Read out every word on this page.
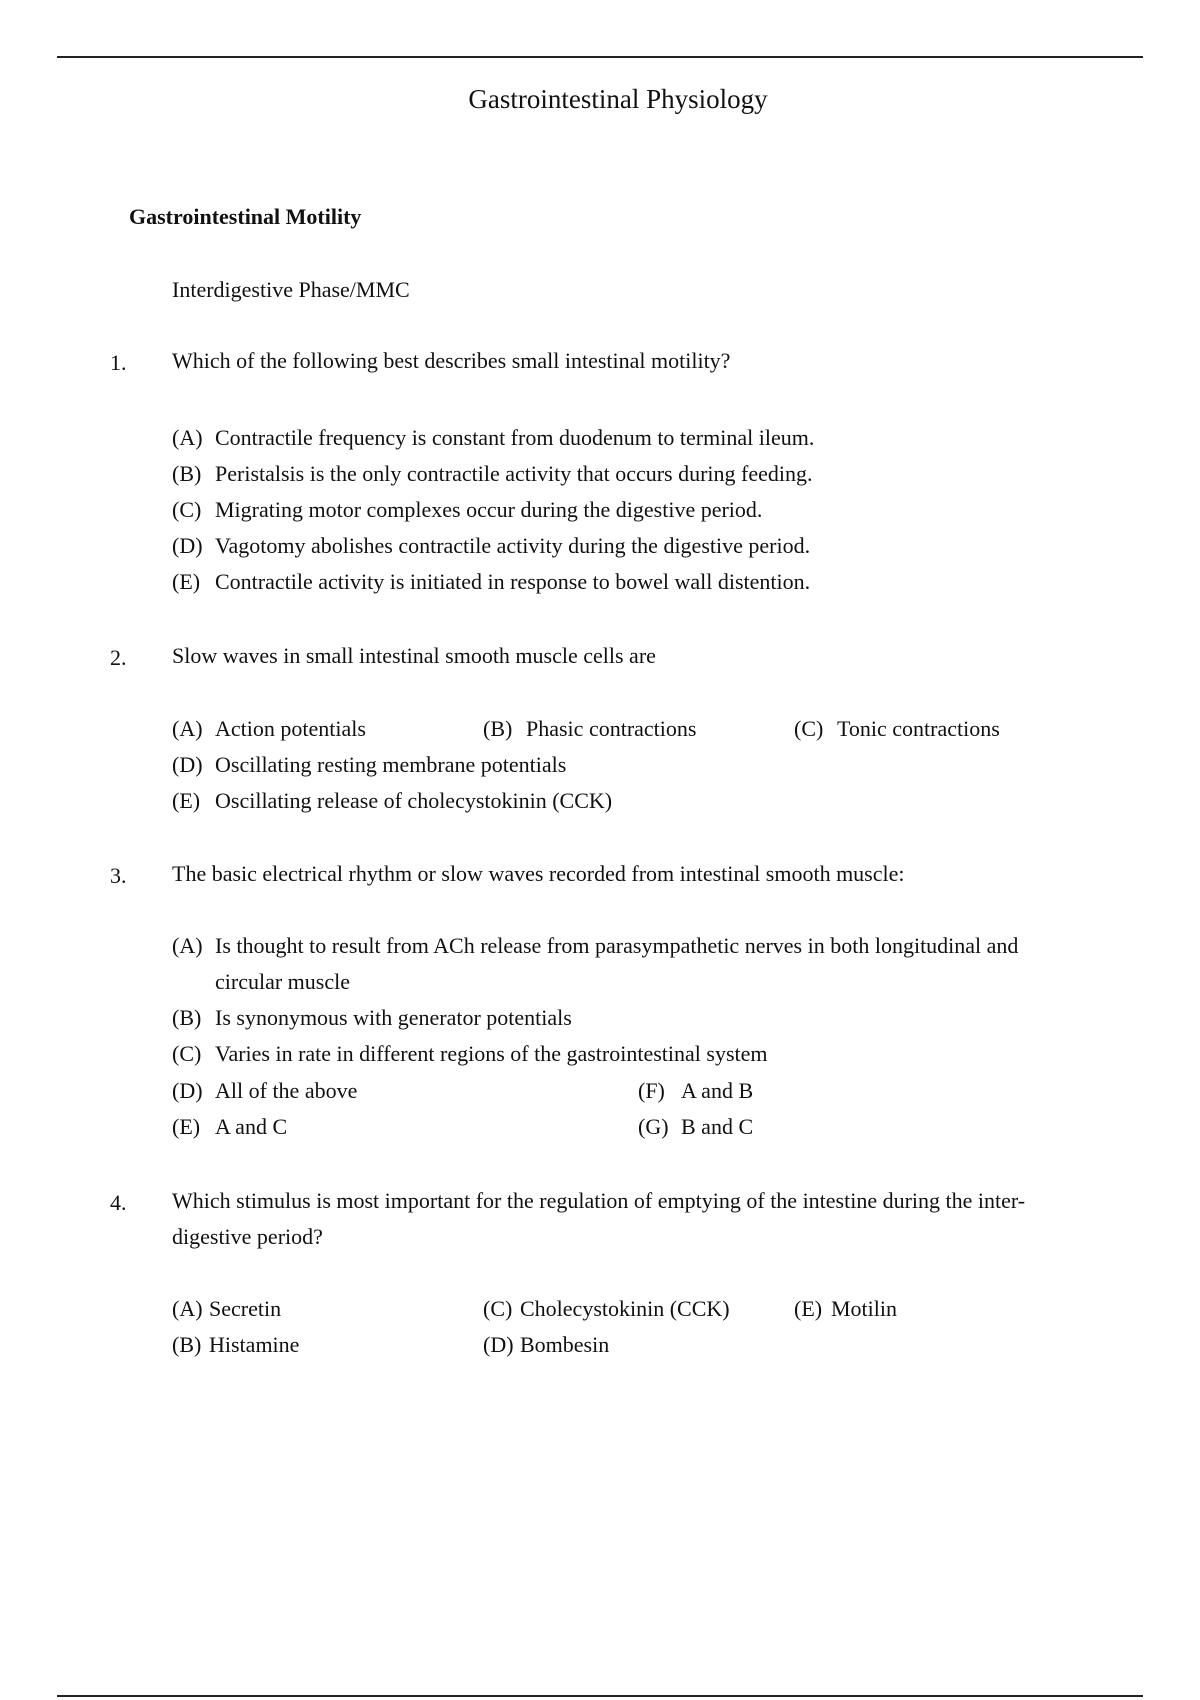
Gastrointestinal Physiology
Gastrointestinal Motility
Interdigestive Phase/MMC
1. Which of the following best describes small intestinal motility?
(A) Contractile frequency is constant from duodenum to terminal ileum.
(B) Peristalsis is the only contractile activity that occurs during feeding.
(C) Migrating motor complexes occur during the digestive period.
(D) Vagotomy abolishes contractile activity during the digestive period.
(E) Contractile activity is initiated in response to bowel wall distention.
2. Slow waves in small intestinal smooth muscle cells are
(A) Action potentials	(B) Phasic contractions	(C) Tonic contractions
(D) Oscillating resting membrane potentials
(E) Oscillating release of cholecystokinin (CCK)
3. The basic electrical rhythm or slow waves recorded from intestinal smooth muscle:
(A) Is thought to result from ACh release from parasympathetic nerves in both longitudinal and circular muscle
(B) Is synonymous with generator potentials
(C) Varies in rate in different regions of the gastrointestinal system
(D) All of the above	(F) A and B
(E) A and C	(G) B and C
4. Which stimulus is most important for the regulation of emptying of the intestine during the inter-digestive period?
(A) Secretin	(C) Cholecystokinin (CCK)	(E) Motilin
(B) Histamine	(D) Bombesin
